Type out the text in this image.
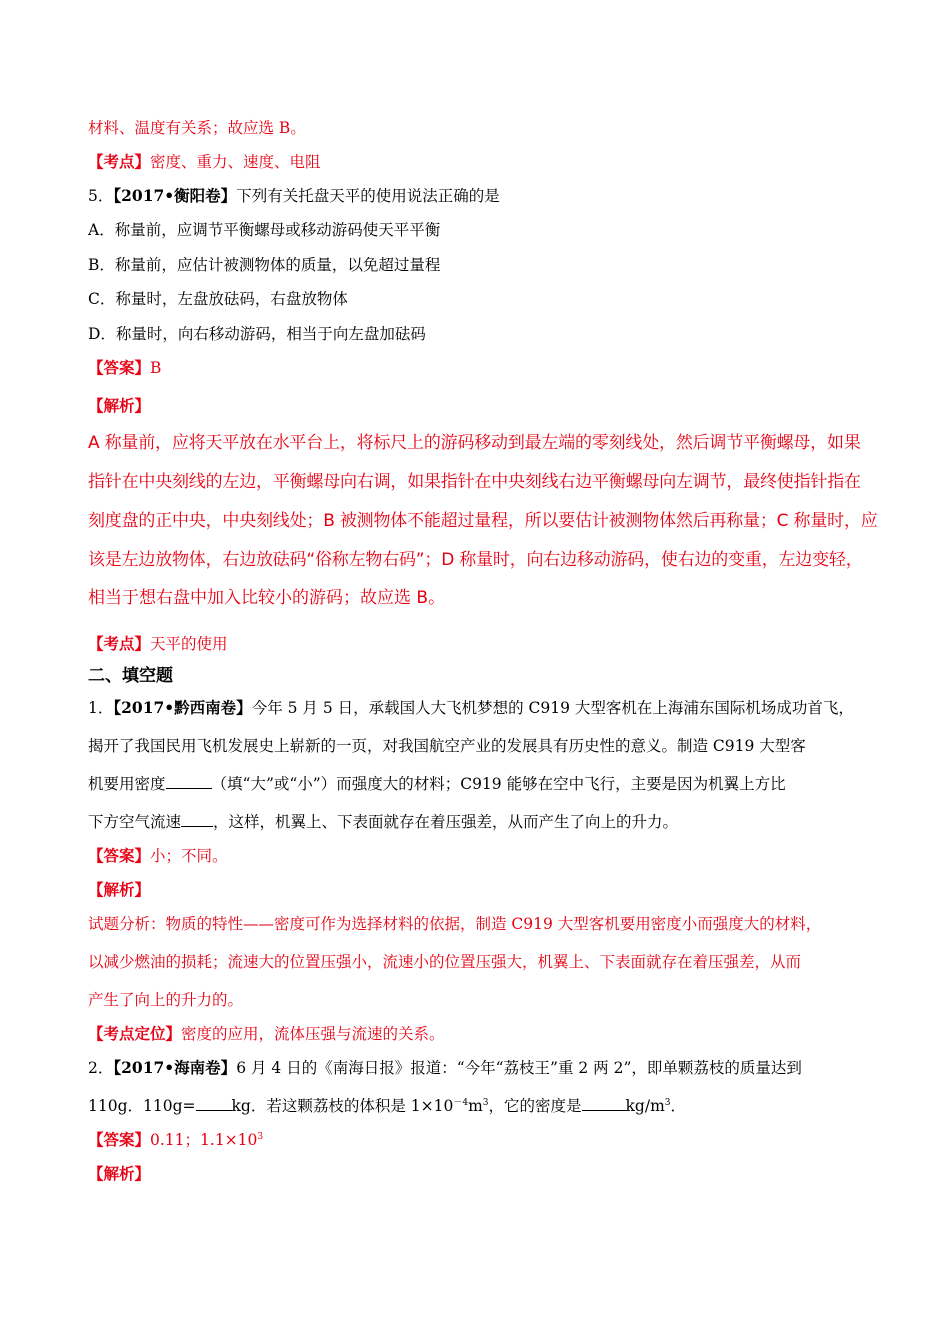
材料、温度有关系；故应选 B。
【考点】密度、重力、速度、电阻
5．【2017•衡阳卷】下列有关托盘天平的使用说法正确的是
A．称量前，应调节平衡螺母或移动游码使天平平衡
B．称量前，应估计被测物体的质量，以免超过量程
C．称量时，左盘放砝码，右盘放物体
D．称量时，向右移动游码，相当于向左盘加砝码
【答案】B
【解析】
A 称量前，应将天平放在水平台上，将标尺上的游码移动到最左端的零刻线处，然后调节平衡螺母，如果
指针在中央刻线的左边，平衡螺母向右调，如果指针在中央刻线右边平衡螺母向左调节，最终使指针指在
刻度盘的正中央，中央刻线处；B 被测物体不能超过量程，所以要估计被测物体然后再称量；C 称量时，应
该是左边放物体，右边放砝码“俗称左物右码”；D 称量时，向右边移动游码，使右边的变重，左边变轻，
相当于想右盘中加入比较小的游码；故应选 B。
【考点】天平的使用
二、填空题
1．【2017•黔西南卷】今年 5 月 5 日，承载国人大飞机梦想的 C919 大型客机在上海浦东国际机场成功首飞，
揭开了我国民用飞机发展史上崭新的一页，对我国航空产业的发展具有历史性的意义。制造 C919 大型客
机要用密度	（填“大”或“小”）而强度大的材料；C919 能够在空中飞行，主要是因为机翼上方比
下方空气流速 ，这样，机翼上、下表面就存在着压强差，从而产生了向上的升力。
【答案】小；不同。
【解析】
试题分析：物质的特性——密度可作为选择材料的依据，制造 C919 大型客机要用密度小而强度大的材料，
以减少燃油的损耗；流速大的位置压强小，流速小的位置压强大，机翼上、下表面就存在着压强差，从而
产生了向上的升力的。
【考点定位】密度的应用，流体压强与流速的关系。
2．【2017•海南卷】6 月 4 日的《南海日报》报道：“今年“荔枝王”重 2 两 2”，即单颗荔枝的质量达到
110g．110g= kg．若这颗荔枝的体积是 $1\times 10^{-4}m^3$，它的密度是	$kg/m^3$．
【答案】0.11；$1.1\times 10^3$
【解析】
